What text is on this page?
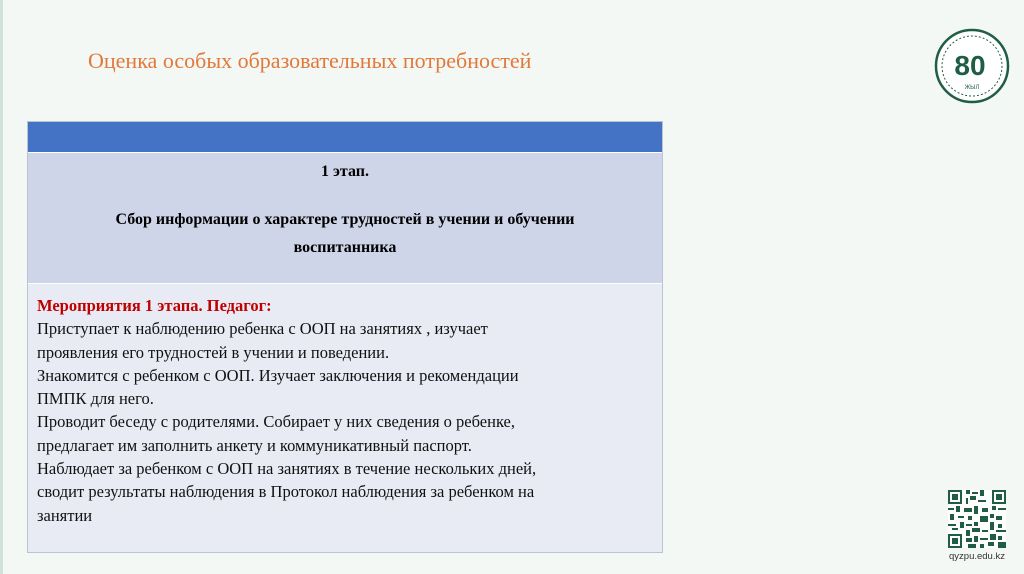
Оценка особых образовательных потребностей	80
ЖЫЛ

1 этап.

Сбор информации о характере трудностей в учении и обучении воспитанника

Мероприятия 1 этапа. Педагог:
Приступает к наблюдению ребенка с ООП на занятиях , изучает
проявления его трудностей в учении и поведении.
Знакомится с ребенком с ООП. Изучает заключения и рекомендации
ПМПК для него.
Проводит беседу с родителями. Собирает у них сведения о ребенке,
предлагает им заполнить анкету и коммуникативный паспорт.
Наблюдает за ребенком с ООП на занятиях в течение нескольких дней,
сводит результаты наблюдения в Протокол наблюдения за ребенком на
занятии
qyzpu.edu.kz
